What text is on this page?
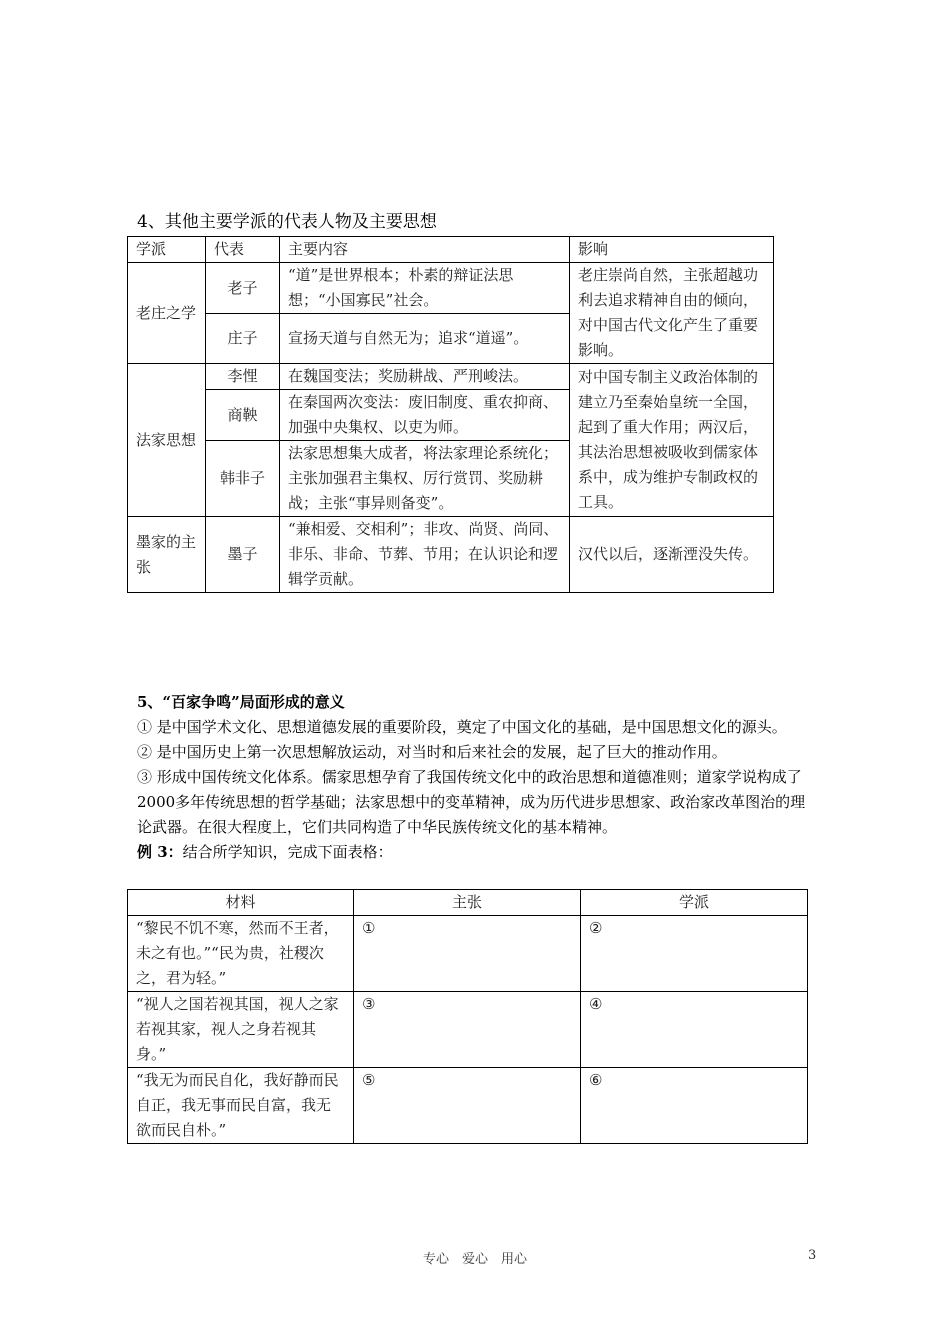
4、其他主要学派的代表人物及主要思想
学派	代表	主要内容	影响
老庄之学	老子	“道”是世界根本；朴素的辩证法思想；“小国寡民”社会。	老庄崇尚自然，主张超越功利去追求精神自由的倾向，对中国古代文化产生了重要影响。
	庄子	宣扬天道与自然无为；追求“道遥”。	
法家思想	李悝	在魏国变法；奖励耕战、严刑峻法。	对中国专制主义政治体制的建立乃至秦始皇统一全国，起到了重大作用；两汉后，其法治思想被吸收到儒家体系中，成为维护专制政权的工具。
	商鞅	在秦国两次变法：废旧制度、重农抑商、加强中央集权、以吏为师。	
	韩非子	法家思想集大成者，将法家理论系统化；主张加强君主集权、厉行赏罚、奖励耕战；主张“事异则备变”。	
墨家的主张	墨子	“兼相爱、交相利”；非攻、尚贤、尚同、非乐、非命、节葬、节用；在认识论和逻辑学贡献。	汉代以后，逐渐湮没失传。

5、“百家争鸣”局面形成的意义

① 是中国学术文化、思想道德发展的重要阶段，奠定了中国文化的基础，是中国思想文化的源头。

② 是中国历史上第一次思想解放运动，对当时和后来社会的发展，起了巨大的推动作用。

③ 形成中国传统文化体系。儒家思想孕育了我国传统文化中的政治思想和道德准则；道家学说构成了2000多年传统思想的哲学基础；法家思想中的变革精神，成为历代进步思想家、政治家改革图治的理论武器。在很大程度上，它们共同构造了中华民族传统文化的基本精神。

例 3：结合所学知识，完成下面表格：

材料	主张	学派
“黎民不饥不寒，然而不王者，未之有也。”“民为贵，社稷次之，君为轻。”	①	②
“视人之国若视其国，视人之家若视其家，视人之身若视其身。”	③	④
“我无为而民自化，我好静而民自正，我无事而民自富，我无欲而民自朴。”	⑤	⑥
专心　爱心　用心	3
